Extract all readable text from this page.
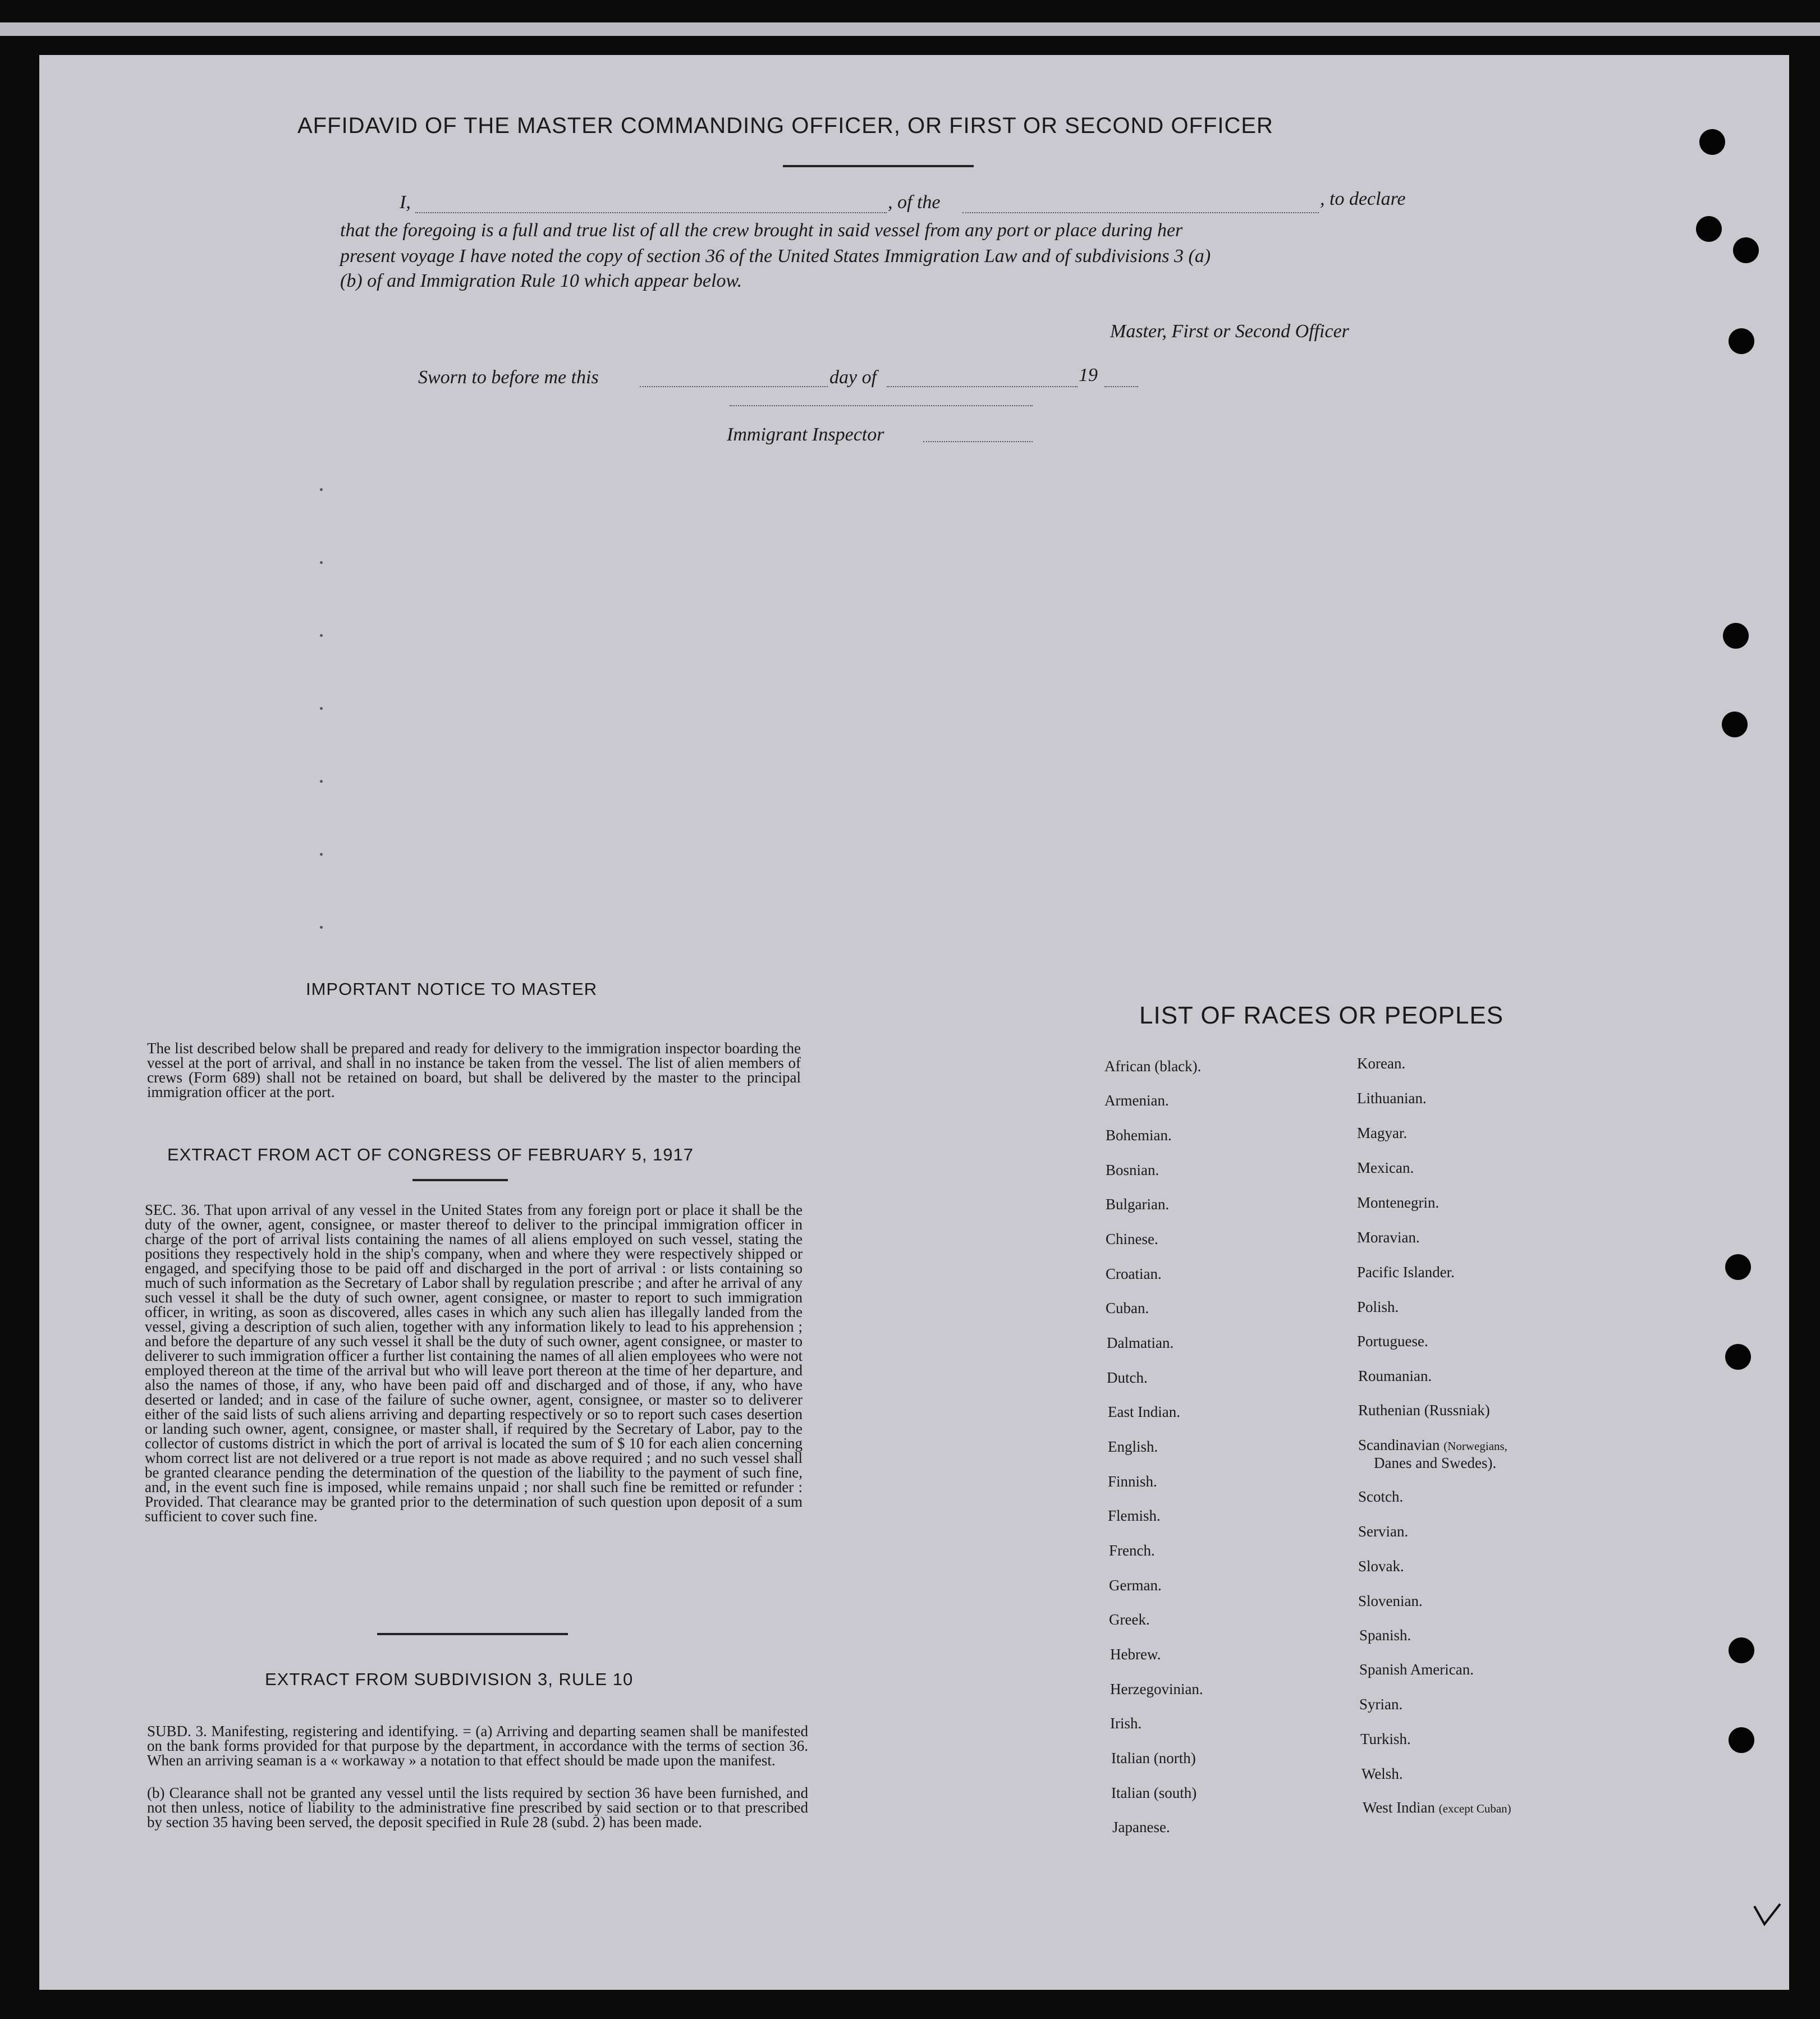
AFFIDAVID OF THE MASTER COMMANDING OFFICER, OR FIRST OR SECOND OFFICER
I,	, of the	, to declare
that the foregoing is a full and true list of all the crew brought in said vessel from any port or place during her
present voyage I have noted the copy of section 36 of the United States Immigration Law and of subdivisions 3 (a)
(b) of and Immigration Rule 10 which appear below.
Master, First or Second Officer
Sworn to before me this	day of	19
Immigrant Inspector
IMPORTANT NOTICE TO MASTER
The list described below shall be prepared and ready for delivery to the immigration inspector boarding the vessel at the port of arrival, and shall in no instance be taken from the vessel. The list of alien members of crews (Form 689) shall not be retained on board, but shall be delivered by the master to the principal immigration officer at the port.
EXTRACT FROM ACT OF CONGRESS OF FEBRUARY 5, 1917
SEC. 36. That upon arrival of any vessel in the United States from any foreign port or place it shall be the duty of the owner, agent, consignee, or master thereof to deliver to the principal immigration officer in charge of the port of arrival lists containing the names of all aliens employed on such vessel, stating the positions they respectively hold in the ship's company, when and where they were respectively shipped or engaged, and specifying those to be paid off and discharged in the port of arrival : or lists containing so much of such information as the Secretary of Labor shall by regulation prescribe ; and after he arrival of any such vessel it shall be the duty of such owner, agent consignee, or master to report to such immigration officer, in writing, as soon as discovered, alles cases in which any such alien has illegally landed from the vessel, giving a description of such alien, together with any information likely to lead to his apprehension ; and before the departure of any such vessel it shall be the duty of such owner, agent consignee, or master to deliverer to such immigration officer a further list containing the names of all alien employees who were not employed thereon at the time of the arrival but who will leave port thereon at the time of her departure, and also the names of those, if any, who have been paid off and discharged and of those, if any, who have deserted or landed; and in case of the failure of suche owner, agent, consignee, or master so to deliverer either of the said lists of such aliens arriving and departing respectively or so to report such cases desertion or landing such owner, agent, consignee, or master shall, if required by the Secretary of Labor, pay to the collector of customs district in which the port of arrival is located the sum of $ 10 for each alien concerning whom correct list are not delivered or a true report is not made as above required ; and no such vessel shall be granted clearance pending the determination of the question of the liability to the payment of such fine, and, in the event such fine is imposed, while remains unpaid ; nor shall such fine be remitted or refunder : Provided. That clearance may be granted prior to the determination of such question upon deposit of a sum sufficient to cover such fine.
EXTRACT FROM SUBDIVISION 3, RULE 10
SUBD. 3. Manifesting, registering and identifying. = (a) Arriving and departing seamen shall be manifested on the bank forms provided for that purpose by the department, in accordance with the terms of section 36. When an arriving seaman is a « workaway » a notation to that effect should be made upon the manifest.
(b) Clearance shall not be granted any vessel until the lists required by section 36 have been furnished, and not then unless, notice of liability to the administrative fine prescribed by said section or to that prescribed by section 35 having been served, the deposit specified in Rule 28 (subd. 2) has been made.
LIST OF RACES OR PEOPLES
African (black).
Armenian.
Bohemian.
Bosnian.
Bulgarian.
Chinese.
Croatian.
Cuban.
Dalmatian.
Dutch.
East Indian.
English.
Finnish.
Flemish.
French.
German.
Greek.
Hebrew.
Herzegovinian.
Irish.
Italian (north)
Italian (south)
Japanese.
Korean.
Lithuanian.
Magyar.
Mexican.
Montenegrin.
Moravian.
Pacific Islander.
Polish.
Portuguese.
Roumanian.
Ruthenian (Russniak)
Scandinavian (Norwegians,
Danes and Swedes).
Scotch.
Servian.
Slovak.
Slovenian.
Spanish.
Spanish American.
Syrian.
Turkish.
Welsh.
West Indian (except Cuban)
